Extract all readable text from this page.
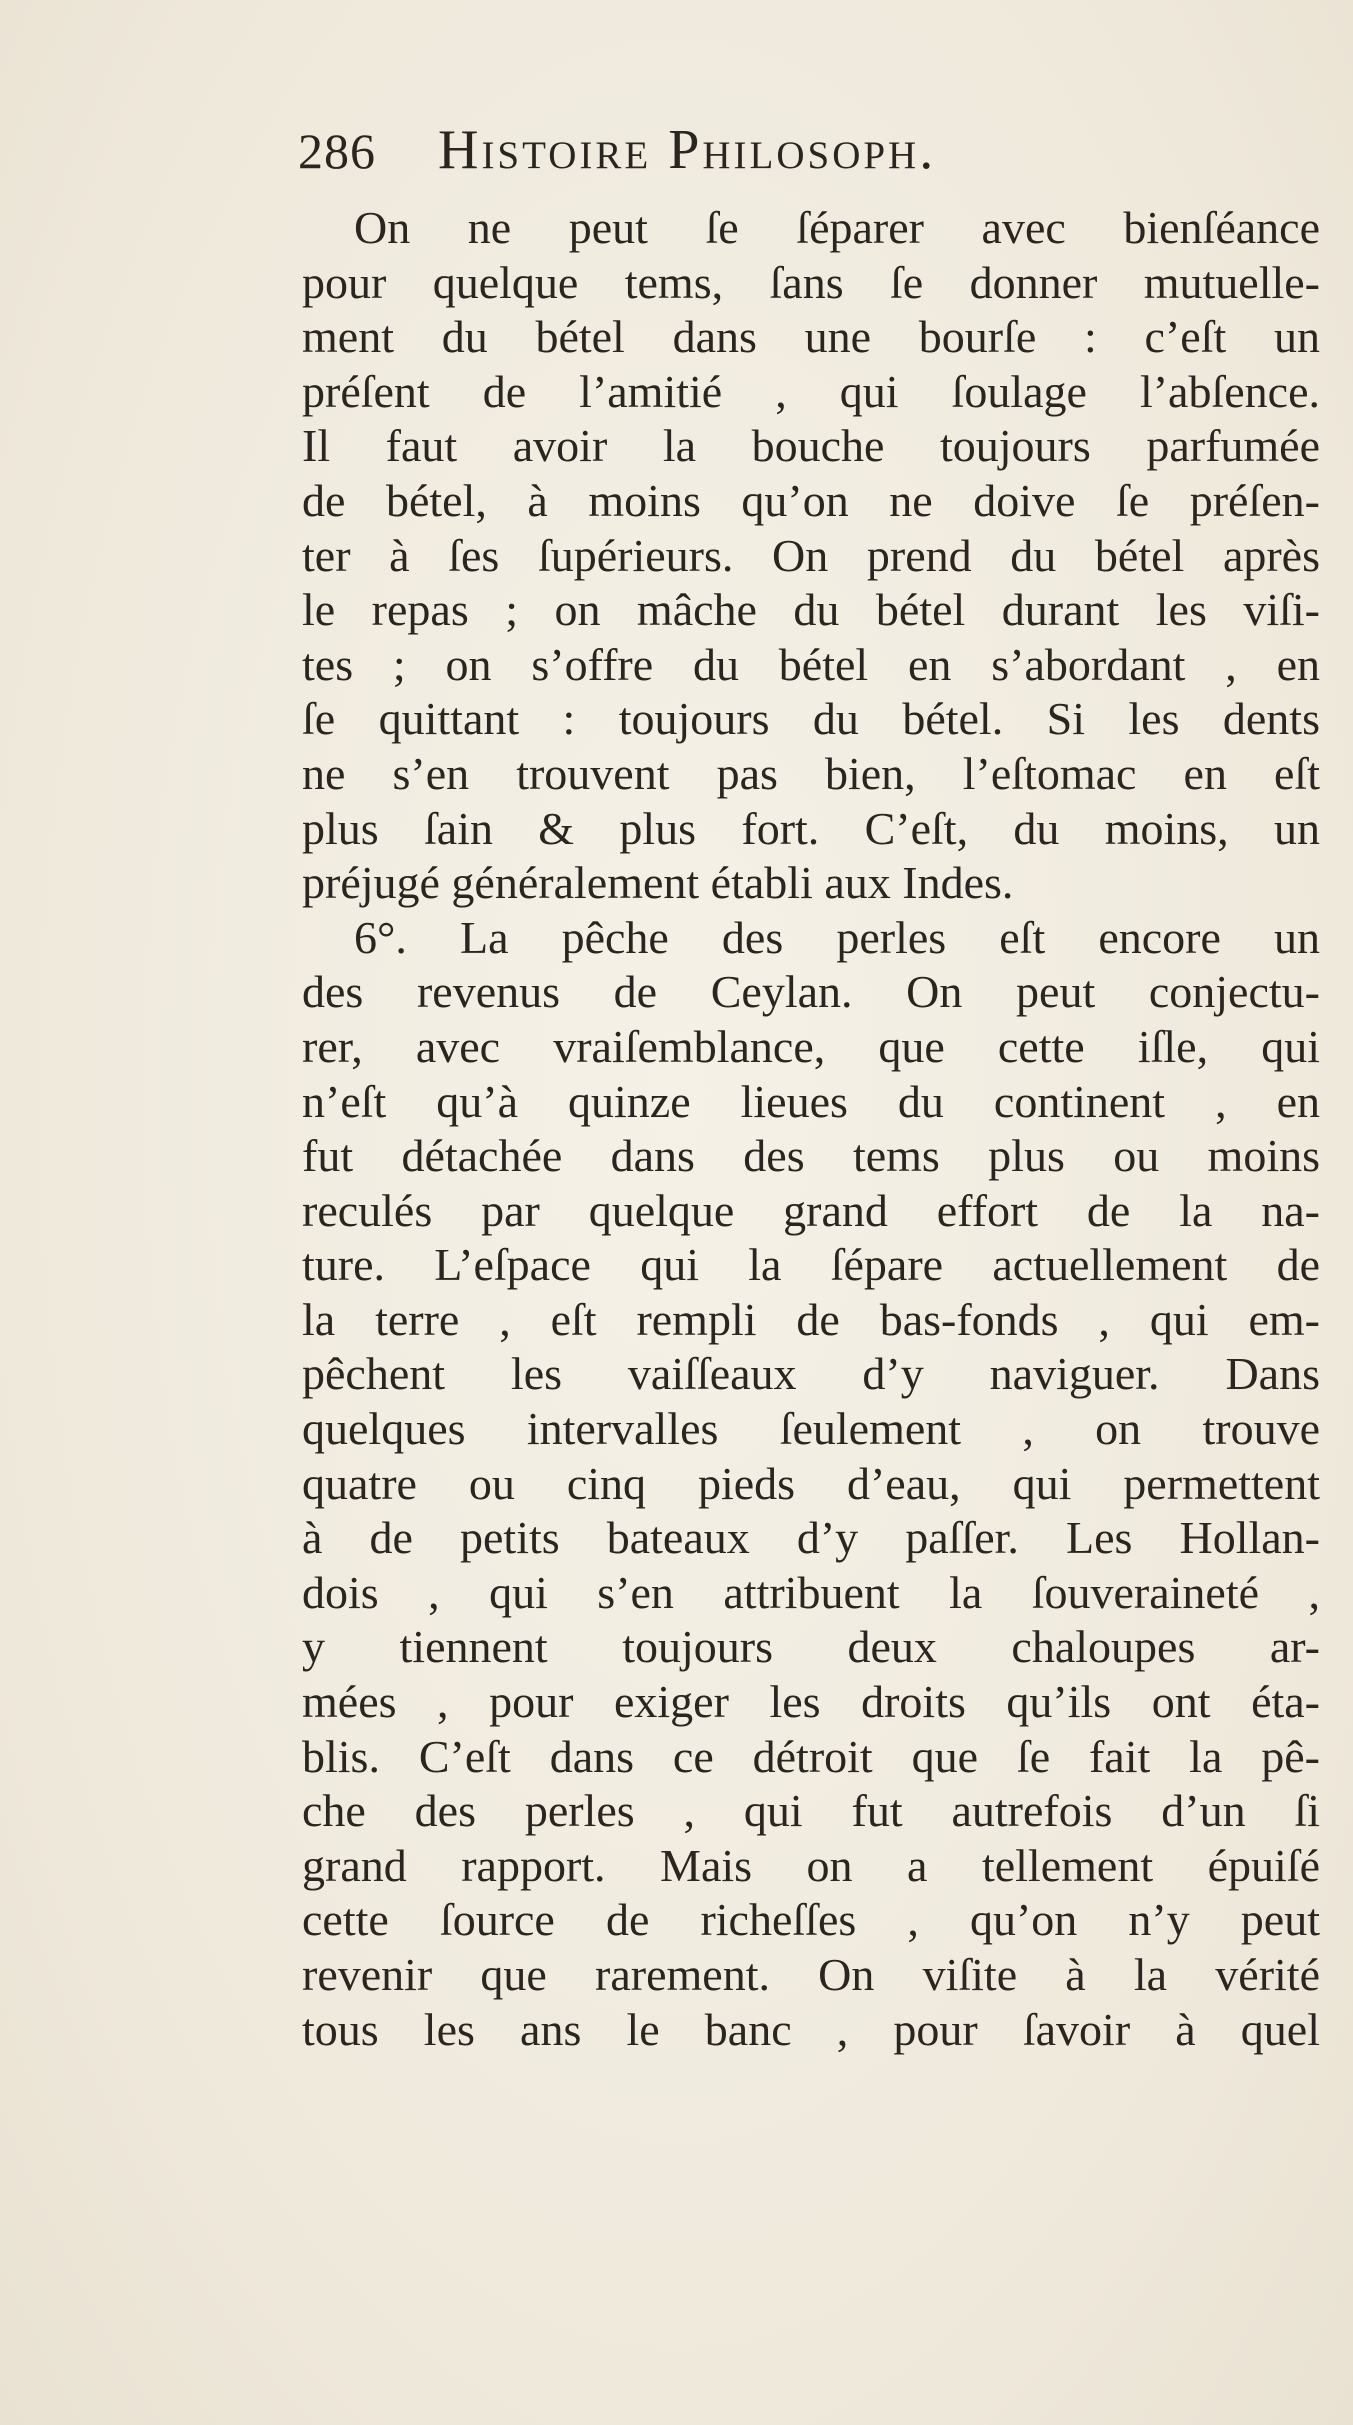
286 Histoire Philosoph.
On ne peut ſe ſéparer avec bienſéance
pour quelque tems, ſans ſe donner mutuelle-
ment du bétel dans une bourſe : c’eſt un
préſent de l’amitié , qui ſoulage l’abſence.
Il faut avoir la bouche toujours parfumée
de bétel, à moins qu’on ne doive ſe préſen-
ter à ſes ſupérieurs. On prend du bétel après
le repas ; on mâche du bétel durant les viſi-
tes ; on s’offre du bétel en s’abordant , en
ſe quittant : toujours du bétel. Si les dents
ne s’en trouvent pas bien, l’eſtomac en eſt
plus ſain & plus fort. C’eſt, du moins, un
préjugé généralement établi aux Indes.
6°. La pêche des perles eſt encore un
des revenus de Ceylan. On peut conjectu-
rer, avec vraiſemblance, que cette iſle, qui
n’eſt qu’à quinze lieues du continent , en
fut détachée dans des tems plus ou moins
reculés par quelque grand effort de la na-
ture. L’eſpace qui la ſépare actuellement de
la terre , eſt rempli de bas-fonds , qui em-
pêchent les vaiſſeaux d’y naviguer. Dans
quelques intervalles ſeulement , on trouve
quatre ou cinq pieds d’eau, qui permettent
à de petits bateaux d’y paſſer. Les Hollan-
dois , qui s’en attribuent la ſouveraineté ,
y tiennent toujours deux chaloupes ar-
mées , pour exiger les droits qu’ils ont éta-
blis. C’eſt dans ce détroit que ſe fait la pê-
che des perles , qui fut autrefois d’un ſi
grand rapport. Mais on a tellement épuiſé
cette ſource de richeſſes , qu’on n’y peut
revenir que rarement. On viſite à la vérité
tous les ans le banc , pour ſavoir à quel
